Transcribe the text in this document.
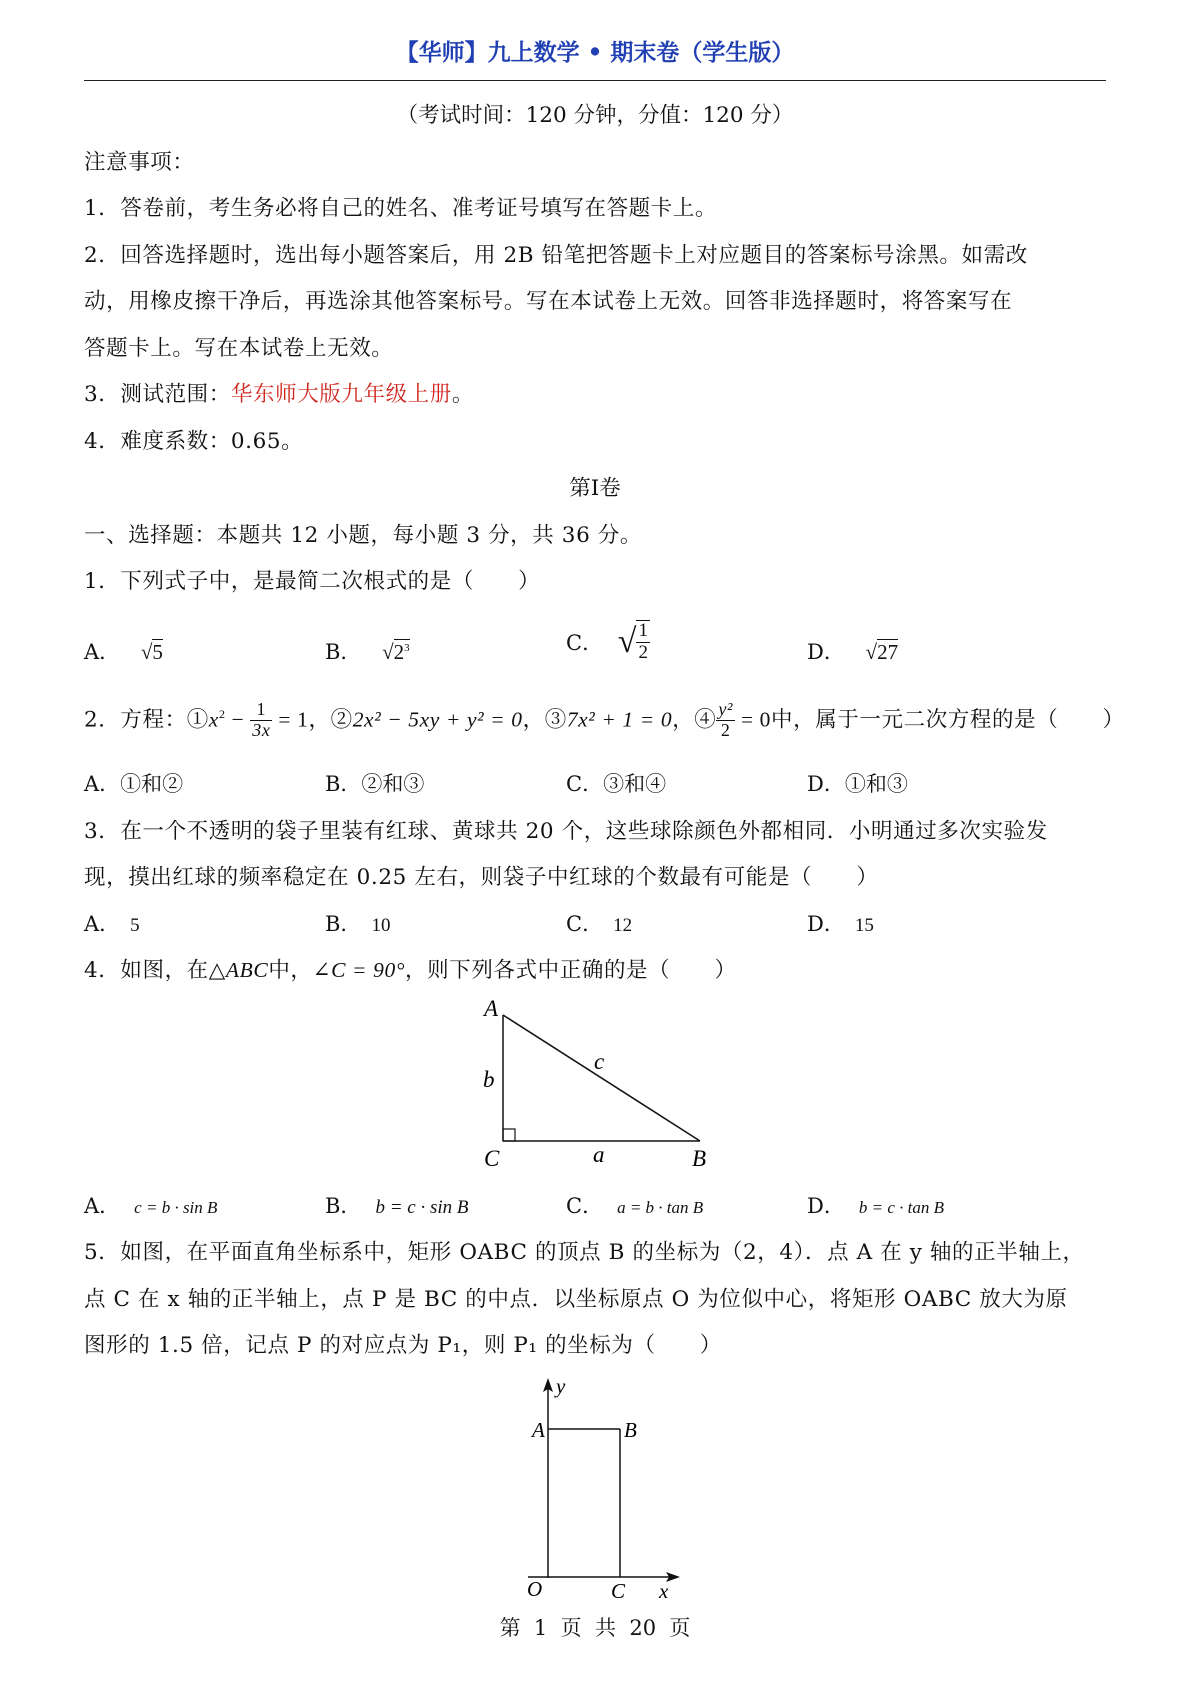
【华师】九上数学 • 期末卷（学生版）
（考试时间：120 分钟，分值：120 分）
注意事项：
1．答卷前，考生务必将自己的姓名、准考证号填写在答题卡上。
2．回答选择题时，选出每小题答案后，用 2B 铅笔把答题卡上对应题目的答案标号涂黑。如需改
动，用橡皮擦干净后，再选涂其他答案标号。写在本试卷上无效。回答非选择题时，将答案写在
答题卡上。写在本试卷上无效。
3．测试范围：华东师大版九年级上册。
4．难度系数：0.65。
第Ⅰ卷
一、选择题：本题共 12 小题，每小题 3 分，共 36 分。
1．下列式子中，是最简二次根式的是（　　）
A． √5	B． $√2^3$	C． √ $\frac{1}{2}$	D． √27
2．方程：$①x^2 - \frac{1}{3x} = 1$，②2x² − 5xy + y² = 0，③7x² + 1 = 0，④ $\frac{\text{y²}}{2} = 0$中，属于一元二次方程的是（　　）
A．①和②	B．②和③	C．③和④	D．①和③
3．在一个不透明的袋子里装有红球、黄球共 20 个，这些球除颜色外都相同．小明通过多次实验发
现，摸出红球的频率稳定在 0.25 左右，则袋子中红球的个数最有可能是（　　）
A． 5	B． 10	C． 12	D． 15
4．如图，在△ABC中，∠C = 90°，则下列各式中正确的是（　　）
A
C	B
b
a
c
A． c = b · sin B	B． b = c · sin B	C． a = b · tan B	D． b = c · tan B
5．如图，在平面直角坐标系中，矩形 OABC 的顶点 B 的坐标为（2，4）．点 A 在 y 轴的正半轴上，
点 C 在 x 轴的正半轴上，点 P 是 BC 的中点．以坐标原点 O 为位似中心，将矩形 OABC 放大为原
图形的 1.5 倍，记点 P 的对应点为 P₁，则 P₁ 的坐标为（　　）
y
A	B
O	C x
第  1  页  共  20  页
